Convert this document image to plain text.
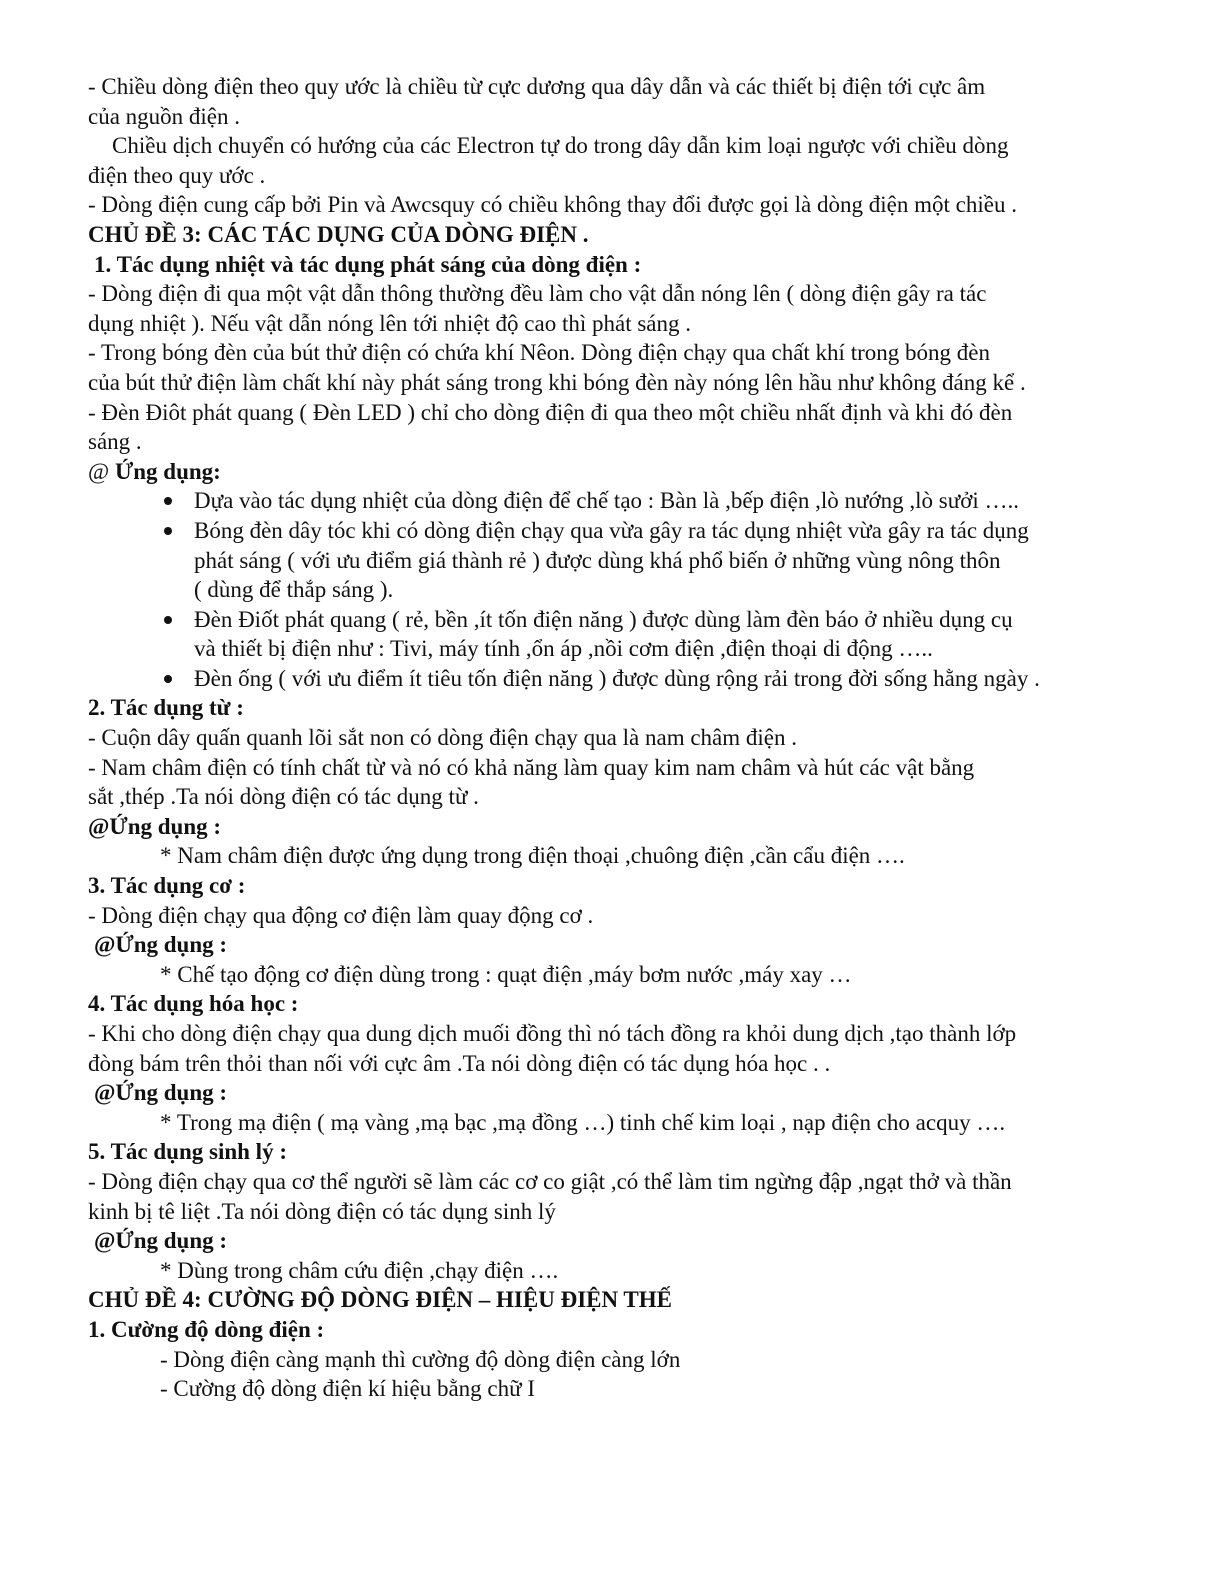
- Chiều dòng điện theo quy ước là chiều từ cực dương qua dây dẫn và các thiết bị điện tới cực âm

của nguồn điện .

Chiều dịch chuyển có hướng của các Electron tự do trong dây dẫn kim loại ngược với chiều dòng

điện theo quy ước .

- Dòng điện cung cấp bởi Pin và Awcsquy có chiều không thay đổi được gọi là dòng điện một chiều .

CHỦ ĐỀ 3: CÁC TÁC DỤNG CỦA DÒNG ĐIỆN .

1. Tác dụng nhiệt và tác dụng phát sáng của dòng điện :

- Dòng điện đi qua một vật dẫn thông thường đều làm cho vật dẫn nóng lên ( dòng điện gây ra tác

dụng nhiệt ). Nếu vật dẫn nóng lên tới nhiệt độ cao thì phát sáng .

- Trong bóng đèn của bút thử điện có chứa khí Nêon. Dòng điện chạy qua chất khí trong bóng đèn

của bút thử điện làm chất khí này phát sáng trong khi bóng đèn này nóng lên hầu như không đáng kể .

- Đèn Điôt phát quang ( Đèn LED ) chỉ cho dòng điện đi qua theo một chiều nhất định và khi đó đèn

sáng .

@ Ứng dụng:

Dựa vào tác dụng nhiệt của dòng điện để chế tạo : Bàn là ,bếp điện ,lò nướng ,lò sưởi …..
Bóng đèn dây tóc khi có dòng điện chạy qua vừa gây ra tác dụng nhiệt vừa gây ra tác dụng
phát sáng ( với ưu điểm giá thành rẻ ) được dùng khá phổ biến ở những vùng nông thôn
( dùng để thắp sáng ).
Đèn Điốt phát quang ( rẻ, bền ,ít tốn điện năng ) được dùng làm đèn báo ở nhiều dụng cụ
và thiết bị điện như : Tivi, máy tính ,ổn áp ,nồi cơm điện ,điện thoại di động …..
Đèn ống ( với ưu điểm ít tiêu tốn điện năng ) được dùng rộng rải trong đời sống hằng ngày .

2. Tác dụng từ :

- Cuộn dây quấn quanh lõi sắt non có dòng điện chạy qua là nam châm điện .

- Nam châm điện có tính chất từ và nó có khả năng làm quay kim nam châm và hút các vật bằng

sắt ,thép .Ta nói dòng điện có tác dụng từ .

@Ứng dụng :

* Nam châm điện được ứng dụng trong điện thoại ,chuông điện ,cần cẩu điện ….

3. Tác dụng cơ :

- Dòng điện chạy qua động cơ điện làm quay động cơ .

@Ứng dụng :

* Chế tạo động cơ điện dùng trong : quạt điện ,máy bơm nước ,máy xay …

4. Tác dụng hóa học :

- Khi cho dòng điện chạy qua dung dịch muối đồng thì nó tách đồng ra khỏi dung dịch ,tạo thành lớp

đòng bám trên thỏi than nối với cực âm .Ta nói dòng điện có tác dụng hóa học . .

@Ứng dụng :

* Trong mạ điện ( mạ vàng ,mạ bạc ,mạ đồng …) tinh chế kim loại , nạp điện cho acquy ….

5. Tác dụng sinh lý :

- Dòng điện chạy qua cơ thể người sẽ làm các cơ co giật ,có thể làm tim ngừng đập ,ngạt thở và thần

kinh bị tê liệt .Ta nói dòng điện có tác dụng sinh lý

@Ứng dụng :

* Dùng trong châm cứu điện ,chạy điện ….

CHỦ ĐỀ 4: CƯỜNG ĐỘ DÒNG ĐIỆN – HIỆU ĐIỆN THẾ

1. Cường độ dòng điện :

- Dòng điện càng mạnh thì cường độ dòng điện càng lớn

- Cường độ dòng điện kí hiệu bằng chữ I
